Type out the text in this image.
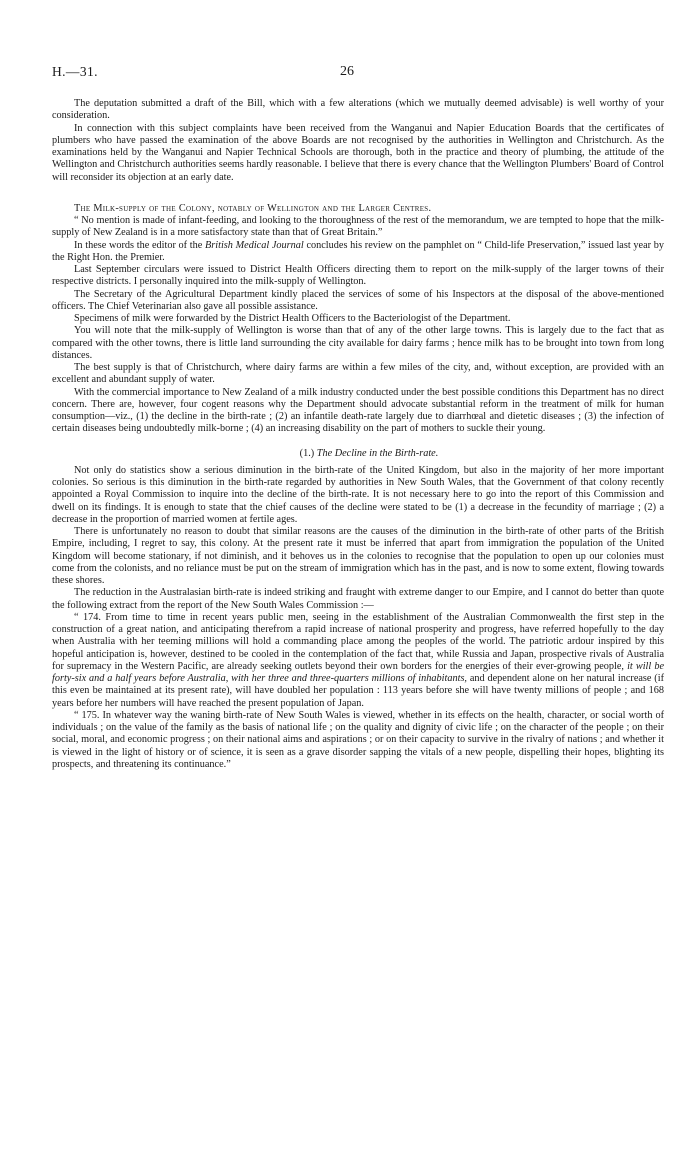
H.—31.	26

The deputation submitted a draft of the Bill, which with a few alterations (which we mutually deemed advisable) is well worthy of your consideration.

In connection with this subject complaints have been received from the Wanganui and Napier Education Boards that the certificates of plumbers who have passed the examination of the above Boards are not recognised by the authorities in Wellington and Christchurch. As the examinations held by the Wanganui and Napier Technical Schools are thorough, both in the practice and theory of plumbing, the attitude of the Wellington and Christchurch authorities seems hardly reasonable. I believe that there is every chance that the Wellington Plumbers' Board of Control will reconsider its objection at an early date.

The Milk-supply of the Colony, notably of Wellington and the Larger Centres.

“ No mention is made of infant-feeding, and looking to the thoroughness of the rest of the memorandum, we are tempted to hope that the milk-supply of New Zealand is in a more satisfactory state than that of Great Britain.”

In these words the editor of the British Medical Journal concludes his review on the pamphlet on “ Child-life Preservation,” issued last year by the Right Hon. the Premier.

Last September circulars were issued to District Health Officers directing them to report on the milk-supply of the larger towns of their respective districts. I personally inquired into the milk-supply of Wellington.

The Secretary of the Agricultural Department kindly placed the services of some of his Inspectors at the disposal of the above-mentioned officers. The Chief Veterinarian also gave all possible assistance.

Specimens of milk were forwarded by the District Health Officers to the Bacteriologist of the Department.

You will note that the milk-supply of Wellington is worse than that of any of the other large towns. This is largely due to the fact that as compared with the other towns, there is little land surrounding the city available for dairy farms ; hence milk has to be brought into town from long distances.

The best supply is that of Christchurch, where dairy farms are within a few miles of the city, and, without exception, are provided with an excellent and abundant supply of water.

With the commercial importance to New Zealand of a milk industry conducted under the best possible conditions this Department has no direct concern. There are, however, four cogent reasons why the Department should advocate substantial reform in the treatment of milk for human consumption—viz., (1) the decline in the birth-rate ; (2) an infantile death-rate largely due to diarrhœal and dietetic diseases ; (3) the infection of certain diseases being undoubtedly milk-borne ; (4) an increasing disability on the part of mothers to suckle their young.

(1.) The Decline in the Birth-rate.

Not only do statistics show a serious diminution in the birth-rate of the United Kingdom, but also in the majority of her more important colonies. So serious is this diminution in the birth-rate regarded by authorities in New South Wales, that the Government of that colony recently appointed a Royal Commission to inquire into the decline of the birth-rate. It is not necessary here to go into the report of this Commission and dwell on its findings. It is enough to state that the chief causes of the decline were stated to be (1) a decrease in the fecundity of marriage ; (2) a decrease in the proportion of married women at fertile ages.

There is unfortunately no reason to doubt that similar reasons are the causes of the diminution in the birth-rate of other parts of the British Empire, including, I regret to say, this colony. At the present rate it must be inferred that apart from immigration the population of the United Kingdom will become stationary, if not diminish, and it behoves us in the colonies to recognise that the population to open up our colonies must come from the colonists, and no reliance must be put on the stream of immigration which has in the past, and is now to some extent, flowing towards these shores.

The reduction in the Australasian birth-rate is indeed striking and fraught with extreme danger to our Empire, and I cannot do better than quote the following extract from the report of the New South Wales Commission :—

“ 174. From time to time in recent years public men, seeing in the establishment of the Australian Commonwealth the first step in the construction of a great nation, and anticipating therefrom a rapid increase of national prosperity and progress, have referred hopefully to the day when Australia with her teeming millions will hold a commanding place among the peoples of the world. The patriotic ardour inspired by this hopeful anticipation is, however, destined to be cooled in the contemplation of the fact that, while Russia and Japan, prospective rivals of Australia for supremacy in the Western Pacific, are already seeking outlets beyond their own borders for the energies of their ever-growing people, it will be forty-six and a half years before Australia, with her three and three-quarters millions of inhabitants, and dependent alone on her natural increase (if this even be maintained at its present rate), will have doubled her population : 113 years before she will have twenty millions of people ; and 168 years before her numbers will have reached the present population of Japan.

“ 175. In whatever way the waning birth-rate of New South Wales is viewed, whether in its effects on the health, character, or social worth of individuals ; on the value of the family as the basis of national life ; on the quality and dignity of civic life ; on the character of the people ; on their social, moral, and economic progress ; on their national aims and aspirations ; or on their capacity to survive in the rivalry of nations ; and whether it is viewed in the light of history or of science, it is seen as a grave disorder sapping the vitals of a new people, dispelling their hopes, blighting its prospects, and threatening its continuance.”
